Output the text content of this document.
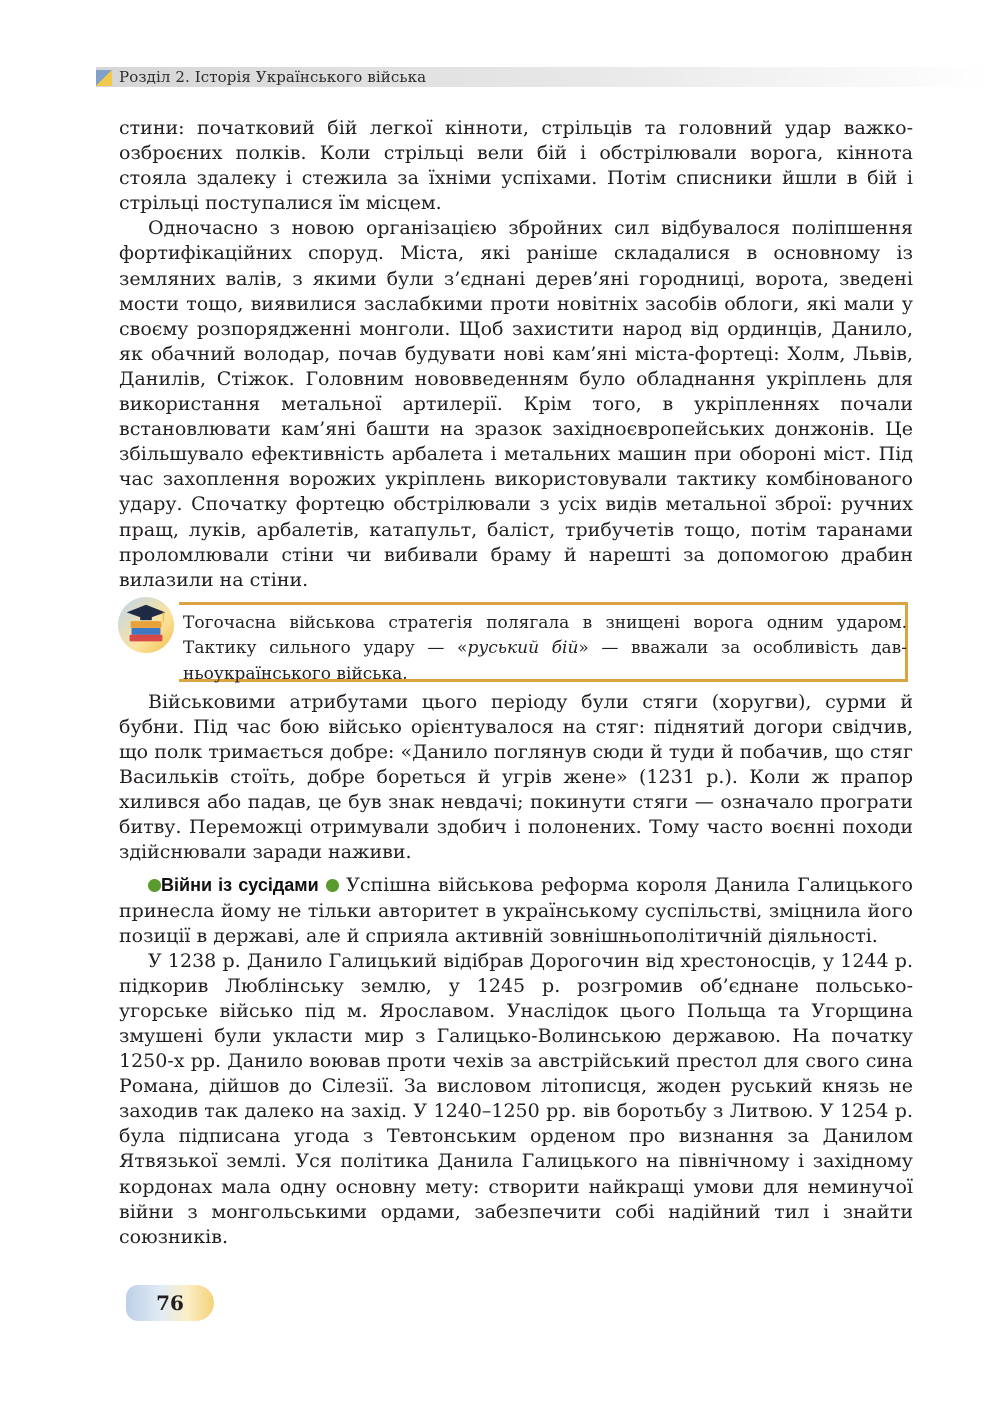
Розділ 2. Історія Українського війська

стини: початковий бій легкої кінноти, стрільців та головний удар важкоозброєних полків. Коли стрільці вели бій і обстрілювали ворога, кіннота стояла здалеку і стежила за їхніми успіхами. Потім списники йшли в бій і стрільці поступалися їм місцем.

Одночасно з новою організацією збройних сил відбувалося поліпшення фортифікаційних споруд. Міста, які раніше складалися в основному із земляних валів, з якими були з’єднані дерев’яні городниці, ворота, зведені мости тощо, виявилися заслабкими проти новітніх засобів облоги, які мали у своєму розпорядженні монголи. Щоб захистити народ від ординців, Данило, як обачний володар, почав будувати нові кам’яні міста-фортеці: Холм, Львів, Данилів, Стіжок. Головним нововведенням було обладнання укріплень для використання метальної артилерії. Крім того, в укріпленнях почали встановлювати кам’яні башти на зразок західноєвропейських донжонів. Це збільшувало ефективність арбалета і метальних машин при обороні міст. Під час захоплення ворожих укріплень використовували тактику комбінованого удару. Спочатку фортецю обстрілювали з усіх видів метальної зброї: ручних пращ, луків, арбалетів, катапульт, баліст, трибучетів тощо, потім таранами проломлювали стіни чи вибивали браму й нарешті за допомогою драбин вилазили на стіни.

Тогочасна військова стратегія полягала в знищені ворога одним ударом. Тактику сильного удару — «руський бій» — вважали за особливість давньоукраїнського війська.

Військовими атрибутами цього періоду були стяги (хоругви), сурми й бубни. Під час бою військо орієнтувалося на стяг: піднятий догори свідчив, що полк тримається добре: «Данило поглянув сюди й туди й побачив, що стяг Васильків стоїть, добре бореться й угрів жене» (1231 р.). Коли ж прапор хилився або падав, це був знак невдачі; покинути стяги — означало програти битву. Переможці отримували здобич і полонених. Тому часто воєнні походи здійснювали заради наживи.

Війни із сусідами  Успішна військова реформа короля Данила Галицького принесла йому не тільки авторитет в українському суспільстві, зміцнила його позиції в державі, але й сприяла активній зовнішньополітичній діяльності.

У 1238 р. Данило Галицький відібрав Дорогочин від хрестоносців, у 1244 р. підкорив Люблінську землю, у 1245 р. розгромив об’єднане польсько-угорське військо під м. Ярославом. Унаслідок цього Польща та Угорщина змушені були укласти мир з Галицько-Волинською державою. На початку 1250-х рр. Данило воював проти чехів за австрійський престол для свого сина Романа, дійшов до Сілезії. За висловом літописця, жоден руський князь не заходив так далеко на захід. У 1240–1250 рр. вів боротьбу з Литвою. У 1254 р. була підписана угода з Тевтонським орденом про визнання за Данилом Ятвязької землі. Уся політика Данила Галицького на північному і західному кордонах мала одну основну мету: створити найкращі умови для неминучої війни з монгольськими ордами, забезпечити собі надійний тил і знайти союзників.

76
